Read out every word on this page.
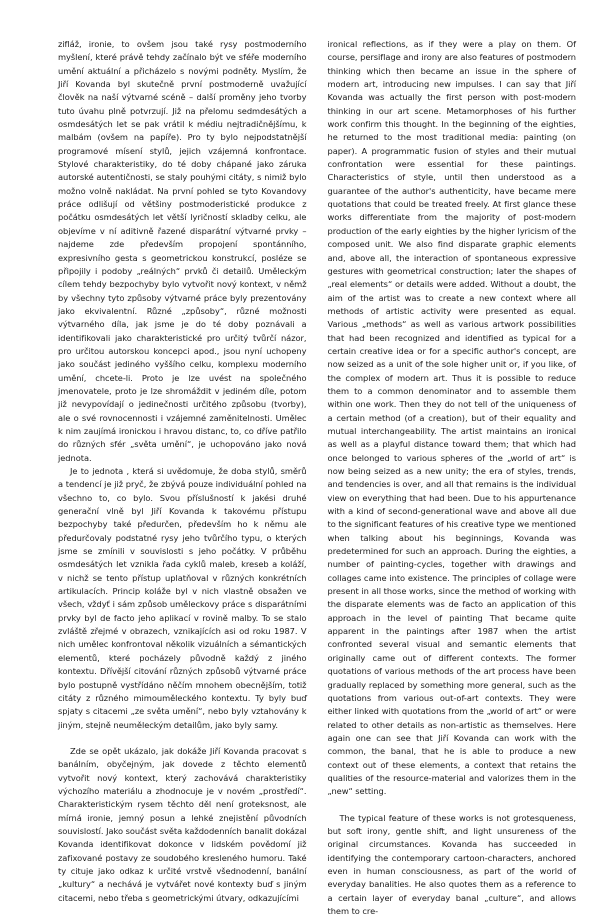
zifláž, ironie, to ovšem jsou také rysy postmoderního myšlení, které právě tehdy začínalo být ve sféře moderního umění aktuální a přicházelo s novými podněty. Myslím, že Jiří Kovanda byl skutečně první postmoderně uvažující člověk na naší výtvarné scéně – další proměny jeho tvorby tuto úvahu plně potvrzují. Již na přelomu sedmdesátých a osmdesátých let se pak vrátil k médiu nejtradičnějšímu, k malbám (ovšem na papíře). Pro ty bylo nejpodstatnější programové mísení stylů, jejich vzájemná konfrontace. Stylové charakteristiky, do té doby chápané jako záruka autorské autentičnosti, se staly pouhými citáty, s nimiž bylo možno volně nakládat. Na první pohled se tyto Kovandovy práce odlišují od většiny postmoderistické produkce z počátku osmdesátých let větší lyričností skladby celku, ale objevíme v ní aditivně řazené disparátní výtvarné prvky – najdeme zde především propojení spontánního, expresivního gesta s geometrickou konstrukcí, posléze se připojily i podoby „reálných“ prvků či detailů. Uměleckým cílem tehdy bezpochyby bylo vytvořit nový kontext, v němž by všechny tyto způsoby výtvarné práce byly prezentovány jako ekvivalentní. Různé „způsoby“, různé možnosti výtvarného díla, jak jsme je do té doby poznávali a identifikovali jako charakteristické pro určitý tvůrčí názor, pro určitou autorskou koncepci apod., jsou nyní uchopeny jako součást jediného vyššího celku, komplexu moderního umění, chcete-li. Proto je lze uvést na společného jmenovatele, proto je lze shromáždit v jediném díle, potom již nevypovídají o jedinečnosti určitého způsobu (tvorby), ale o své rovnocennosti i vzájemné zaměnitelnosti. Umělec k nim zaujímá ironickou i hravou distanc, to, co dříve patřilo do různých sfér „světa umění“, je uchopováno jako nová jednota.

Je to jednota , která si uvědomuje, že doba stylů, směrů a tendencí je již pryč, že zbývá pouze individuální pohled na všechno to, co bylo. Svou příslušností k jakési druhé generační vlně byl Jiří Kovanda k takovému přístupu bezpochyby také předurčen, především ho k němu ale předurčovaly podstatné rysy jeho tvůrčího typu, o kterých jsme se zmínili v souvislosti s jeho počátky. V průběhu osmdesátých let vznikla řada cyklů maleb, kreseb a koláží, v nichž se tento přístup uplatňoval v různých konkrétních artikulacích. Princip koláže byl v nich vlastně obsažen ve všech, vždyť i sám způsob uměleckovy práce s disparátními prvky byl de facto jeho aplikací v rovině malby. To se stalo zvláště zřejmé v obrazech, vznikajících asi od roku 1987. V nich umělec konfrontoval několik vizuálních a sémantických elementů, které pocházely původně každý z jiného kontextu. Dřívější citování různých způsobů výtvarné práce bylo postupně vystřídáno něčím mnohem obecnějším, totiž citáty z různého mimouměleckého kontextu. Ty byly buď spjaty s citacemi „ze světa umění“, nebo byly vztahovány k jiným, stejně neuměleckým detailům, jako byly samy.

Zde se opět ukázalo, jak dokáže Jiří Kovanda pracovat s banálním, obyčejným, jak dovede z těchto elementů vytvořit nový kontext, který zachovává charakteristiky výchozího materiálu a zhodnocuje je v novém „prostředí“. Charakteristickým rysem těchto děl není groteksnost, ale mírná ironie, jemný posun a lehké znejistění původních souvislostí. Jako součást světa každodenních banalit dokázal Kovanda identifikovat dokonce v lidském povědomí již zafixované postavy ze soudobého kresleného humoru. Také ty cituje jako odkaz k určité vrstvě všednodenní, banální „kultury“ a nechává je vytvářet nové kontexty buď s jiným citacemi, nebo třeba s geometrickými útvary, odkazujícími

ironical reflections, as if they were a play on them. Of course, persiflage and irony are also features of postmodern thinking which then became an issue in the sphere of modern art, introducing new impulses. I can say that Jiří Kovanda was actually the first person with post-modern thinking in our art scene. Metamorphoses of his further work confirm this thought. In the beginning of the eighties, he returned to the most traditional media: painting (on paper). A programmatic fusion of styles and their mutual confrontation were essential for these paintings. Characteristics of style, until then understood as a guarantee of the author's authenticity, have became mere quotations that could be treated freely. At first glance these works differentiate from the majority of post-modern production of the early eighties by the higher lyricism of the composed unit. We also find disparate graphic elements and, above all, the interaction of spontaneous expressive gestures with geometrical construction; later the shapes of „real elements“ or details were added. Without a doubt, the aim of the artist was to create a new context where all methods of artistic activity were presented as equal. Various „methods“ as well as various artwork possibilities that had been recognized and identified as typical for a certain creative idea or for a specific author's concept, are now seized as a unit of the sole higher unit or, if you like, of the complex of modern art. Thus it is possible to reduce them to a common denominator and to assemble them within one work. Then they do not tell of the uniqueness of a certain method (of a creation), but of their equality and mutual interchangeability. The artist maintains an ironical as well as a playful distance toward them; that which had once belonged to various spheres of the „world of art“ is now being seized as a new unity; the era of styles, trends, and tendencies is over, and all that remains is the individual view on everything that had been. Due to his appurtenance with a kind of second-generational wave and above all due to the significant features of his creative type we mentioned when talking about his beginnings, Kovanda was predetermined for such an approach. During the eighties, a number of painting-cycles, together with drawings and collages came into existence. The principles of collage were present in all those works, since the method of working with the disparate elements was de facto an application of this approach in the level of painting That became quite apparent in the paintings after 1987 when the artist confronted several visual and semantic elements that originally came out of different contexts. The former quotations of various methods of the art process have been gradually replaced by something more general, such as the quotations from various out-of-art contexts. They were either linked with quotations from the „world of art“ or were related to other details as non-artistic as themselves. Here again one can see that Jiří Kovanda can work with the common, the banal, that he is able to produce a new context out of these elements, a context that retains the qualities of the resource-material and valorizes them in the „new“ setting.

The typical feature of these works is not grotesqueness, but soft irony, gentle shift, and light unsureness of the original circumstances. Kovanda has succeeded in identifying the contemporary cartoon-characters, anchored even in human consciousness, as part of the world of everyday banalities. He also quotes them as a reference to a certain layer of everyday banal „culture“, and allows them to cre-
